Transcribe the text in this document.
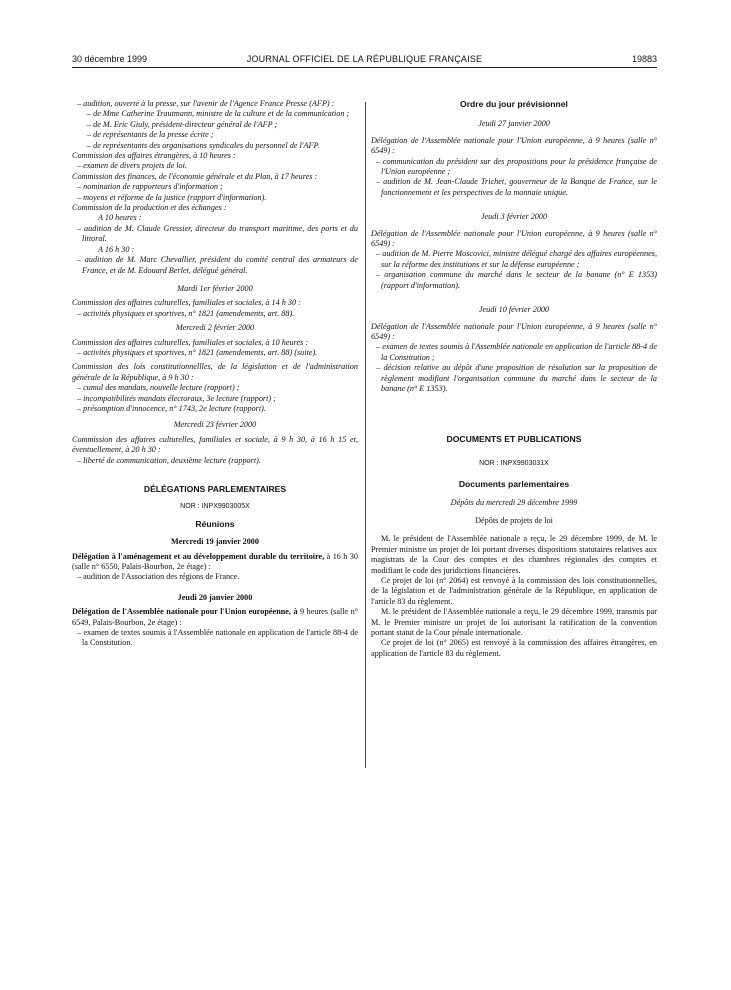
30 décembre 1999	JOURNAL OFFICIEL DE LA RÉPUBLIQUE FRANÇAISE	19883

– audition, ouverte à la presse, sur l'avenir de l'Agence France Presse (AFP) :

– de Mme Catherine Trautmann, ministre de la culture et de la communication ;

– de M. Eric Giuly, président-directeur général de l'AFP ;

– de représentants de la presse écrite ;

– de représentants des organisations syndicales du personnel de l'AFP.

Commission des affaires étrangères, à 10 heures :

– examen de divers projets de loi.

Commission des finances, de l'économie générale et du Plan, à 17 heures :

– nomination de rapporteurs d'information ;

– moyens et réforme de la justice (rapport d'information).

Commission de la production et des échanges :

A 10 heures :

– audition de M. Claude Gressier, directeur du transport maritime, des ports et du littoral.

A 16 h 30 :

– audition de M. Marc Chevallier, président du comité central des armateurs de France, et de M. Edouard Berlet, délégué général.

Mardi 1er février 2000

Commission des affaires culturelles, familiales et sociales, à 14 h 30 :

– activités physiques et sportives, n° 1821 (amendements, art. 88).

Mercredi 2 février 2000

Commission des affaires culturelles, familiales et sociales, à 10 heures :

– activités physiques et sportives, n° 1821 (amendements, art. 88) (suite).

Commission des lois constitutionnellles, de la législation et de l'administration générale de la République, à 9 h 30 :

– cumul des mandats, nouvelle lecture (rapport) ;

– incompatibilités mandats électoraux, 3e lecture (rapport) ;

– présomption d'innocence, n° 1743, 2e lecture (rapport).

Mercredi 23 février 2000

Commission des affaires culturelles, familiales et sociale, à 9 h 30, à 16 h 15 et, éventuellement, à 20 h 30 :

– liberté de communication, deuxième lecture (rapport).

DÉLÉGATIONS PARLEMENTAIRES

NOR : INPX9903005X

Réunions

Mercredi 19 janvier 2000

Délégation à l'aménagement et au développement durable du territoire, à 16 h 30 (salle n° 6550, Palais-Bourbon, 2e étage) :

– audition de l'Association des régions de France.

Jeudi 20 janvier 2000

Délégation de l'Assemblée nationale pour l'Union européenne, à 9 heures (salle n° 6549, Palais-Bourbon, 2e étage) :

– examen de textes soumis à l'Assemblée nationale en application de l'article 88-4 de la Constitution.

Ordre du jour prévisionnel

Jeudi 27 janvier 2000

Délégation de l'Assemblée nationale pour l'Union européenne, à 9 heures (salle n° 6549) :

– communication du président sur des propositions pour la présidence française de l'Union européenne ;

– audition de M. Jean-Claude Trichet, gouverneur de la Banque de France, sur le fonctionnement et les perspectives de la monnaie unique.

Jeudi 3 février 2000

Délégation de l'Assemblée nationale pour l'Union européenne, à 9 heures (salle n° 6549) :

– audition de M. Pierre Moscovici, ministre délégué chargé des affaires européennes, sur la réforme des institutions et sur la défense européenne ;

– organisation commune du marché dans le secteur de la banane (n° E 1353) (rapport d'information).

Jeudi 10 février 2000

Délégation de l'Assemblée nationale pour l'Union européenne, à 9 heures (salle n° 6549) :

– examen de textes soumis à l'Assemblée nationale en application de l'article 88-4 de la Constitution ;

– décision relative au dépôt d'une proposition de résolution sur la proposition de règlement modifiant l'organisation commune du marché dans le secteur de la banane (n° E 1353).

DOCUMENTS ET PUBLICATIONS

NOR : INPX9903031X

Documents parlementaires

Dépôts du mercredi 29 décembre 1999

Dépôts de projets de loi

M. le président de l'Assemblée nationale a reçu, le 29 décembre 1999, de M. le Premier ministre un projet de loi portant diverses dispositions statutaires relatives aux magistrats de la Cour des comptes et des chambres régionales des comptes et modifiant le code des juridictions financières.

Ce projet de loi (n° 2064) est renvoyé à la commission des lois constitutionnelles, de la législation et de l'administration générale de la République, en application de l'article 83 du règlement.

M. le président de l'Assemblée nationale a reçu, le 29 décembre 1999, transmis par M. le Premier ministre un projet de loi autorisant la ratification de la convention portant statut de la Cour pénale internationale.

Ce projet de loi (n° 2065) est renvoyé à la commission des affaires étrangères, en application de l'article 83 du règlement.
